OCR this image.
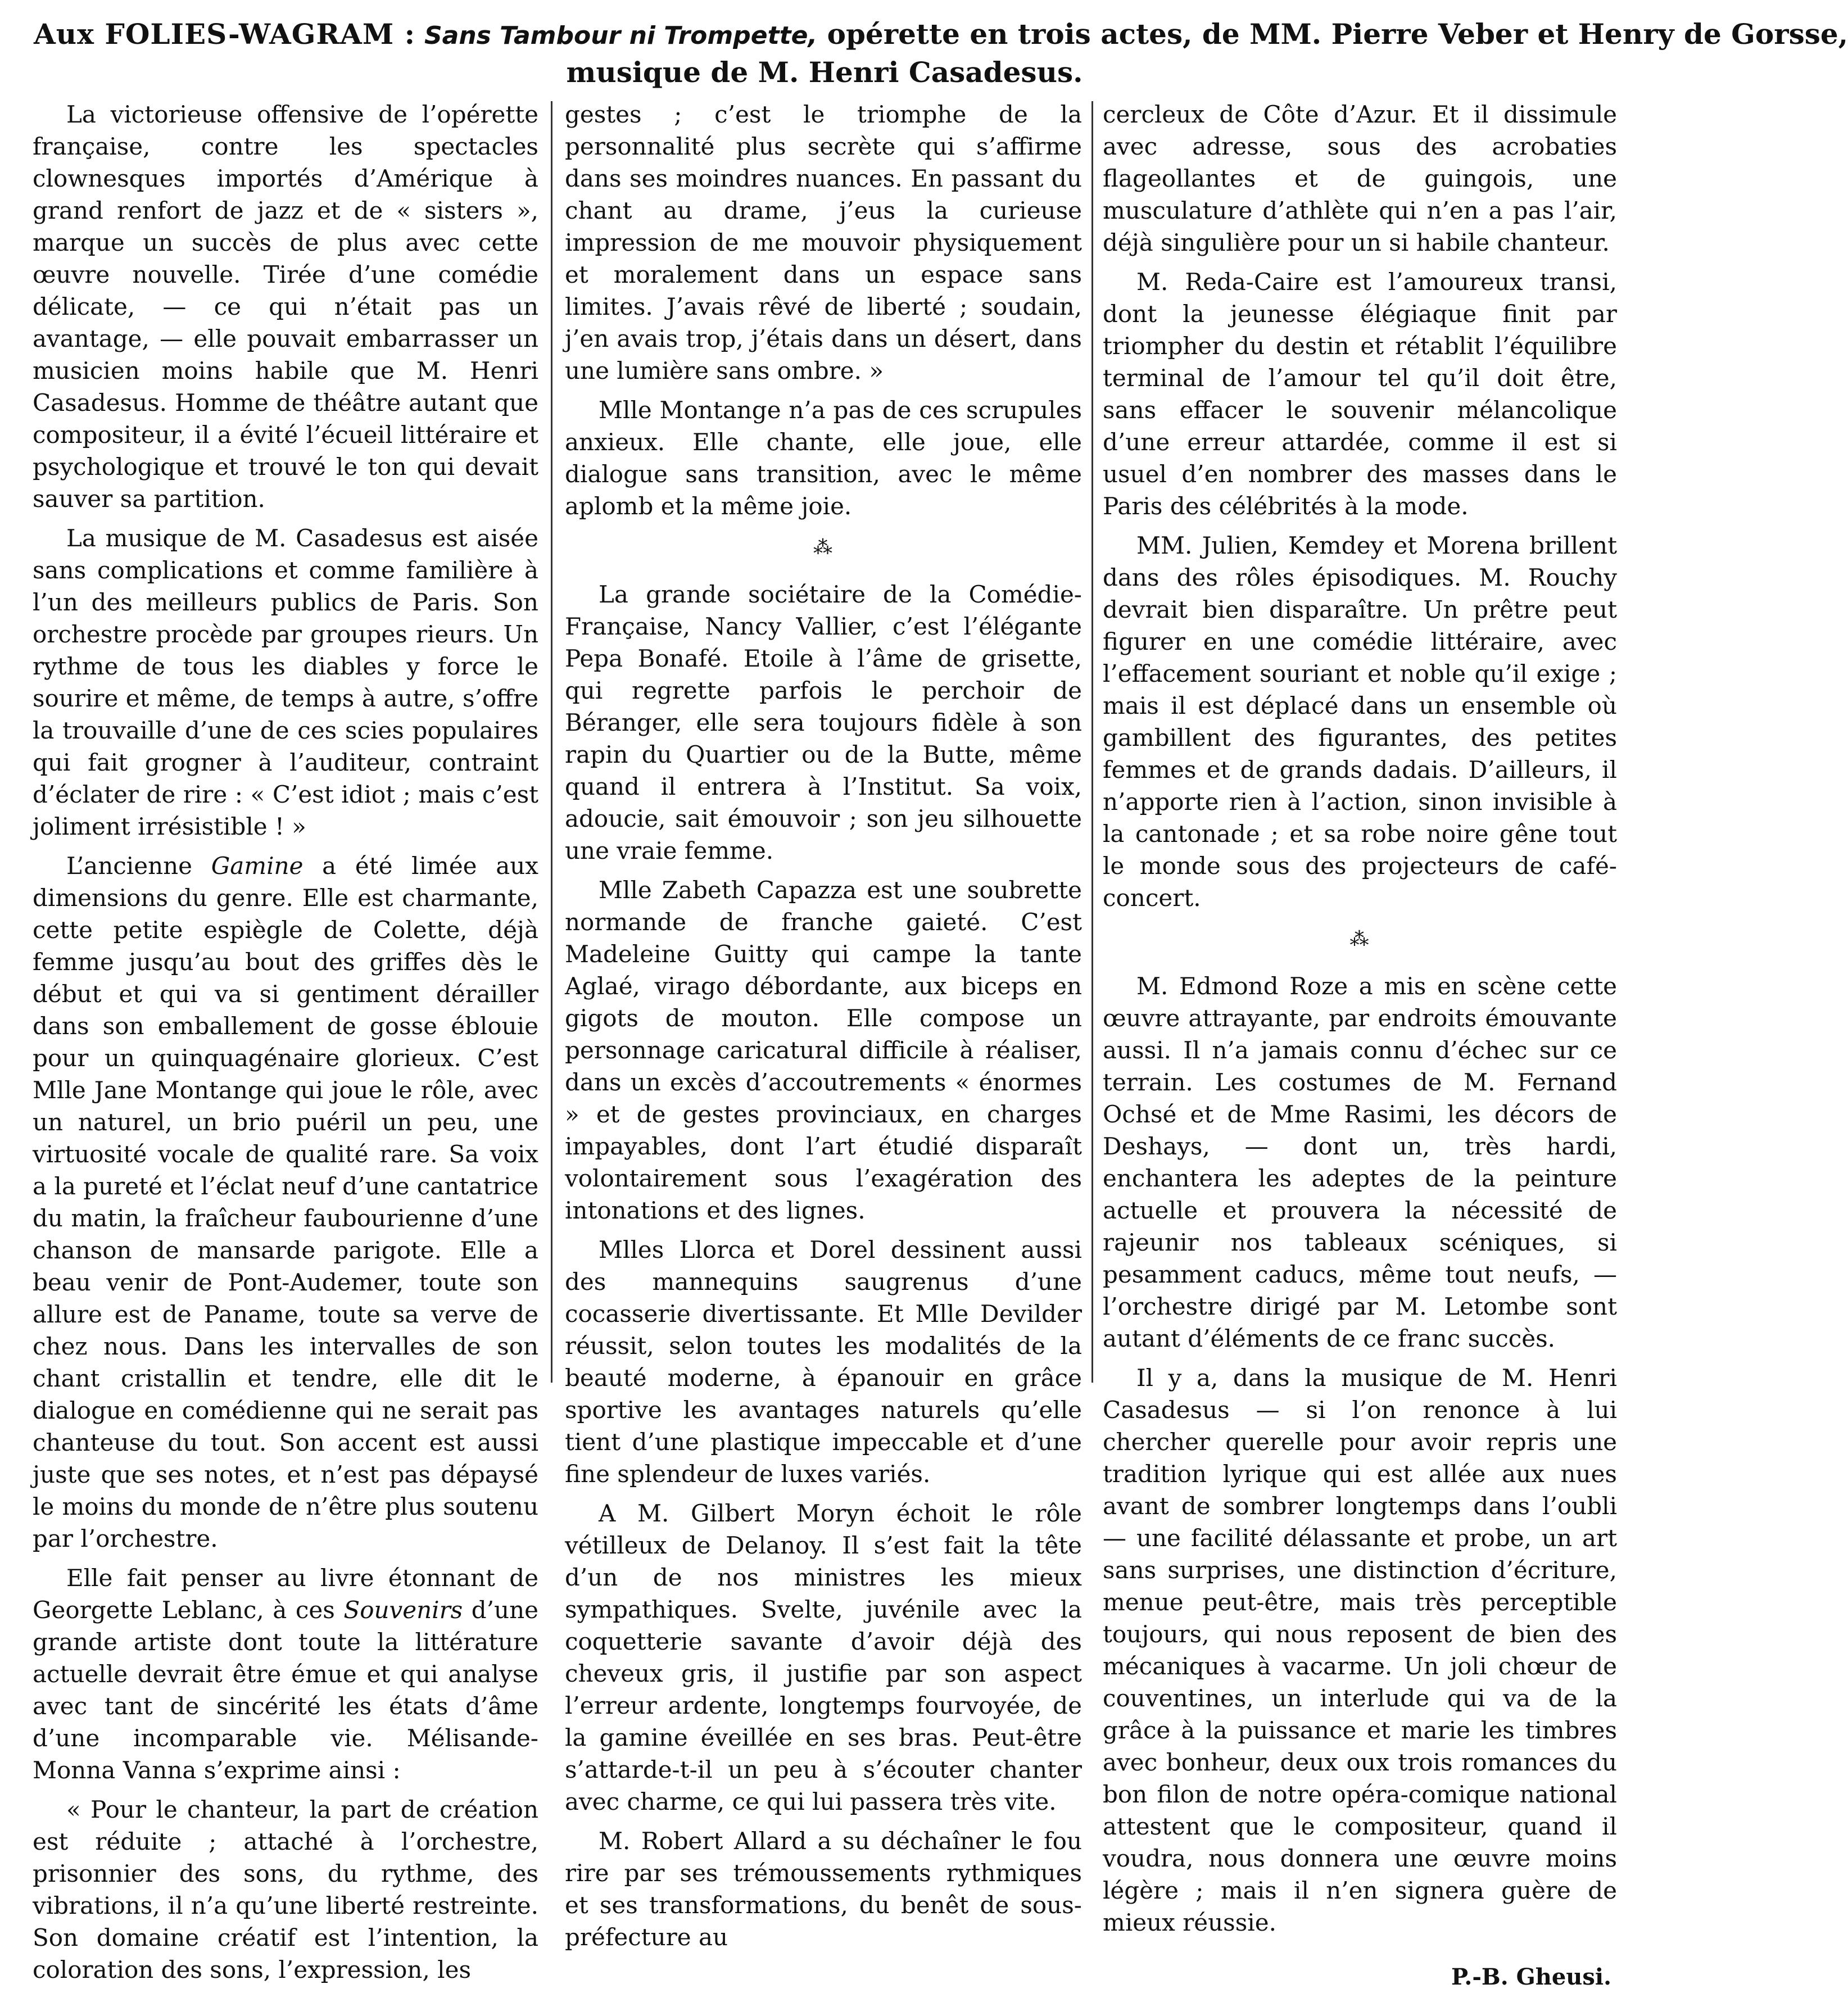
Aux FOLIES-WAGRAM : Sans Tambour ni Trompette, opérette en trois actes, de MM. Pierre Veber et Henry de Gorsse,
musique de M. Henri Casadesus.

La victorieuse offensive de l’opérette française, contre les spectacles clownesques importés d’Amérique à grand renfort de jazz et de « sisters », marque un succès de plus avec cette œuvre nouvelle. Tirée d’une comédie délicate, — ce qui n’était pas un avantage, — elle pouvait embarrasser un musicien moins habile que M. Henri Casadesus. Homme de théâtre autant que compositeur, il a évité l’écueil littéraire et psychologique et trouvé le ton qui devait sauver sa partition.

La musique de M. Casadesus est aisée sans complications et comme familière à l’un des meilleurs publics de Paris. Son orchestre procède par groupes rieurs. Un rythme de tous les diables y force le sourire et même, de temps à autre, s’offre la trouvaille d’une de ces scies populaires qui fait grogner à l’auditeur, contraint d’éclater de rire : « C’est idiot ; mais c’est joliment irrésistible ! »

L’ancienne Gamine a été limée aux dimensions du genre. Elle est charmante, cette petite espiègle de Colette, déjà femme jusqu’au bout des griffes dès le début et qui va si gentiment dérailler dans son emballement de gosse éblouie pour un quinquagénaire glorieux. C’est Mlle Jane Montange qui joue le rôle, avec un naturel, un brio puéril un peu, une virtuosité vocale de qualité rare. Sa voix a la pureté et l’éclat neuf d’une cantatrice du matin, la fraîcheur faubourienne d’une chanson de mansarde parigote. Elle a beau venir de Pont-Audemer, toute son allure est de Paname, toute sa verve de chez nous. Dans les intervalles de son chant cristallin et tendre, elle dit le dialogue en comédienne qui ne serait pas chanteuse du tout. Son accent est aussi juste que ses notes, et n’est pas dépaysé le moins du monde de n’être plus soutenu par l’orchestre.

Elle fait penser au livre étonnant de Georgette Leblanc, à ces Souvenirs d’une grande artiste dont toute la littérature actuelle devrait être émue et qui analyse avec tant de sincérité les états d’âme d’une incomparable vie. Mélisande-Monna Vanna s’exprime ainsi :

« Pour le chanteur, la part de création est réduite ; attaché à l’orchestre, prisonnier des sons, du rythme, des vibrations, il n’a qu’une liberté restreinte. Son domaine créatif est l’intention, la coloration des sons, l’expression, les

gestes ; c’est le triomphe de la personnalité plus secrète qui s’affirme dans ses moindres nuances. En passant du chant au drame, j’eus la curieuse impression de me mouvoir physiquement et moralement dans un espace sans limites. J’avais rêvé de liberté ; soudain, j’en avais trop, j’étais dans un désert, dans une lumière sans ombre. »

Mlle Montange n’a pas de ces scrupules anxieux. Elle chante, elle joue, elle dialogue sans transition, avec le même aplomb et la même joie.

⁂

La grande sociétaire de la Comédie-Française, Nancy Vallier, c’est l’élégante Pepa Bonafé. Etoile à l’âme de grisette, qui regrette parfois le perchoir de Béranger, elle sera toujours fidèle à son rapin du Quartier ou de la Butte, même quand il entrera à l’Institut. Sa voix, adoucie, sait émouvoir ; son jeu silhouette une vraie femme.

Mlle Zabeth Capazza est une soubrette normande de franche gaieté. C’est Madeleine Guitty qui campe la tante Aglaé, virago débordante, aux biceps en gigots de mouton. Elle compose un personnage caricatural difficile à réaliser, dans un excès d’accoutrements « énormes » et de gestes provinciaux, en charges impayables, dont l’art étudié disparaît volontairement sous l’exagération des intonations et des lignes.

Mlles Llorca et Dorel dessinent aussi des mannequins saugrenus d’une cocasserie divertissante. Et Mlle Devilder réussit, selon toutes les modalités de la beauté moderne, à épanouir en grâce sportive les avantages naturels qu’elle tient d’une plastique impeccable et d’une fine splendeur de luxes variés.

A M. Gilbert Moryn échoit le rôle vétilleux de Delanoy. Il s’est fait la tête d’un de nos ministres les mieux sympathiques. Svelte, juvénile avec la coquetterie savante d’avoir déjà des cheveux gris, il justifie par son aspect l’erreur ardente, longtemps fourvoyée, de la gamine éveillée en ses bras. Peut-être s’attarde-t-il un peu à s’écouter chanter avec charme, ce qui lui passera très vite.

M. Robert Allard a su déchaîner le fou rire par ses trémoussements rythmiques et ses transformations, du benêt de sous-préfecture au

cercleux de Côte d’Azur. Et il dissimule avec adresse, sous des acrobaties flageollantes et de guingois, une musculature d’athlète qui n’en a pas l’air, déjà singulière pour un si habile chanteur.

M. Reda-Caire est l’amoureux transi, dont la jeunesse élégiaque finit par triompher du destin et rétablit l’équilibre terminal de l’amour tel qu’il doit être, sans effacer le souvenir mélancolique d’une erreur attardée, comme il est si usuel d’en nombrer des masses dans le Paris des célébrités à la mode.

MM. Julien, Kemdey et Morena brillent dans des rôles épisodiques. M. Rouchy devrait bien disparaître. Un prêtre peut figurer en une comédie littéraire, avec l’effacement souriant et noble qu’il exige ; mais il est déplacé dans un ensemble où gambillent des figurantes, des petites femmes et de grands dadais. D’ailleurs, il n’apporte rien à l’action, sinon invisible à la cantonade ; et sa robe noire gêne tout le monde sous des projecteurs de café-concert.

⁂

M. Edmond Roze a mis en scène cette œuvre attrayante, par endroits émouvante aussi. Il n’a jamais connu d’échec sur ce terrain. Les costumes de M. Fernand Ochsé et de Mme Rasimi, les décors de Deshays, — dont un, très hardi, enchantera les adeptes de la peinture actuelle et prouvera la nécessité de rajeunir nos tableaux scéniques, si pesamment caducs, même tout neufs, — l’orchestre dirigé par M. Letombe sont autant d’éléments de ce franc succès.

Il y a, dans la musique de M. Henri Casadesus — si l’on renonce à lui chercher querelle pour avoir repris une tradition lyrique qui est allée aux nues avant de sombrer longtemps dans l’oubli — une facilité délassante et probe, un art sans surprises, une distinction d’écriture, menue peut-être, mais très perceptible toujours, qui nous reposent de bien des mécaniques à vacarme. Un joli chœur de couventines, un interlude qui va de la grâce à la puissance et marie les timbres avec bonheur, deux oux trois romances du bon filon de notre opéra-comique national attestent que le compositeur, quand il voudra, nous donnera une œuvre moins légère ; mais il n’en signera guère de mieux réussie.

P.-B. Gheusi.
